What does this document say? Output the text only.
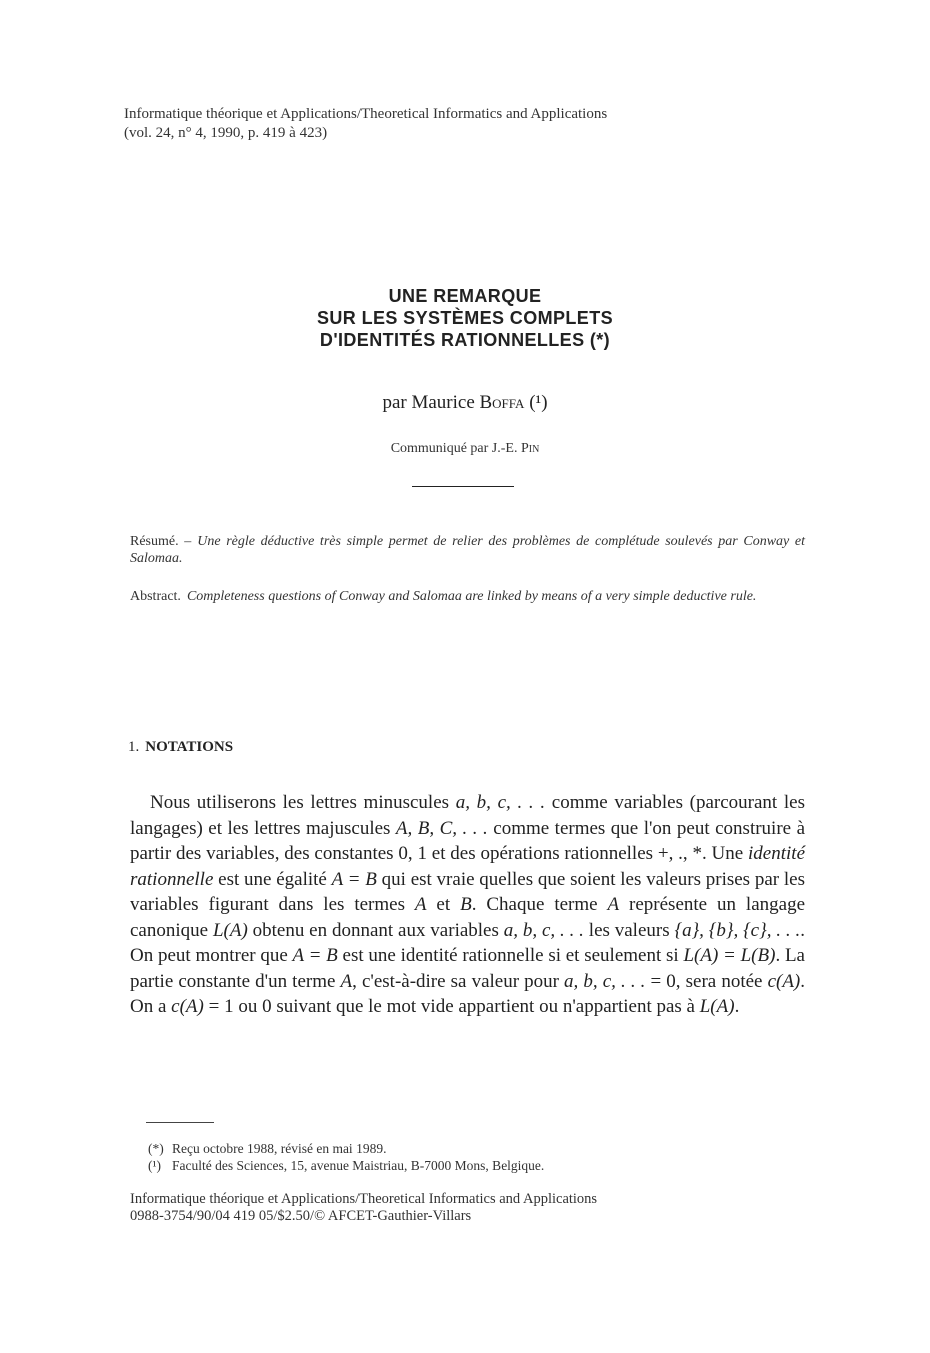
Informatique théorique et Applications/Theoretical Informatics and Applications
(vol. 24, n° 4, 1990, p. 419 à 423)
UNE REMARQUE
SUR LES SYSTÈMES COMPLETS
D'IDENTITÉS RATIONNELLES (*)
par Maurice Boffa (¹)
Communiqué par J.-E. Pin
Résumé. – Une règle déductive très simple permet de relier des problèmes de complétude soulevés par Conway et Salomaa.
Abstract. Completeness questions of Conway and Salomaa are linked by means of a very simple deductive rule.
1. NOTATIONS
Nous utiliserons les lettres minuscules a, b, c, . . . comme variables (parcourant les langages) et les lettres majuscules A, B, C, . . . comme termes que l'on peut construire à partir des variables, des constantes 0, 1 et des opérations rationnelles +, ., *. Une identité rationnelle est une égalité A = B qui est vraie quelles que soient les valeurs prises par les variables figurant dans les termes A et B. Chaque terme A représente un langage canonique L(A) obtenu en donnant aux variables a, b, c, . . . les valeurs {a}, {b}, {c}, . . .. On peut montrer que A = B est une identité rationnelle si et seulement si L(A) = L(B). La partie constante d'un terme A, c'est-à-dire sa valeur pour a, b, c, . . . = 0, sera notée c(A). On a c(A) = 1 ou 0 suivant que le mot vide appartient ou n'appartient pas à L(A).
(*) Reçu octobre 1988, révisé en mai 1989.
(¹) Faculté des Sciences, 15, avenue Maistriau, B-7000 Mons, Belgique.
Informatique théorique et Applications/Theoretical Informatics and Applications
0988-3754/90/04 419 05/$2.50/© AFCET-Gauthier-Villars
